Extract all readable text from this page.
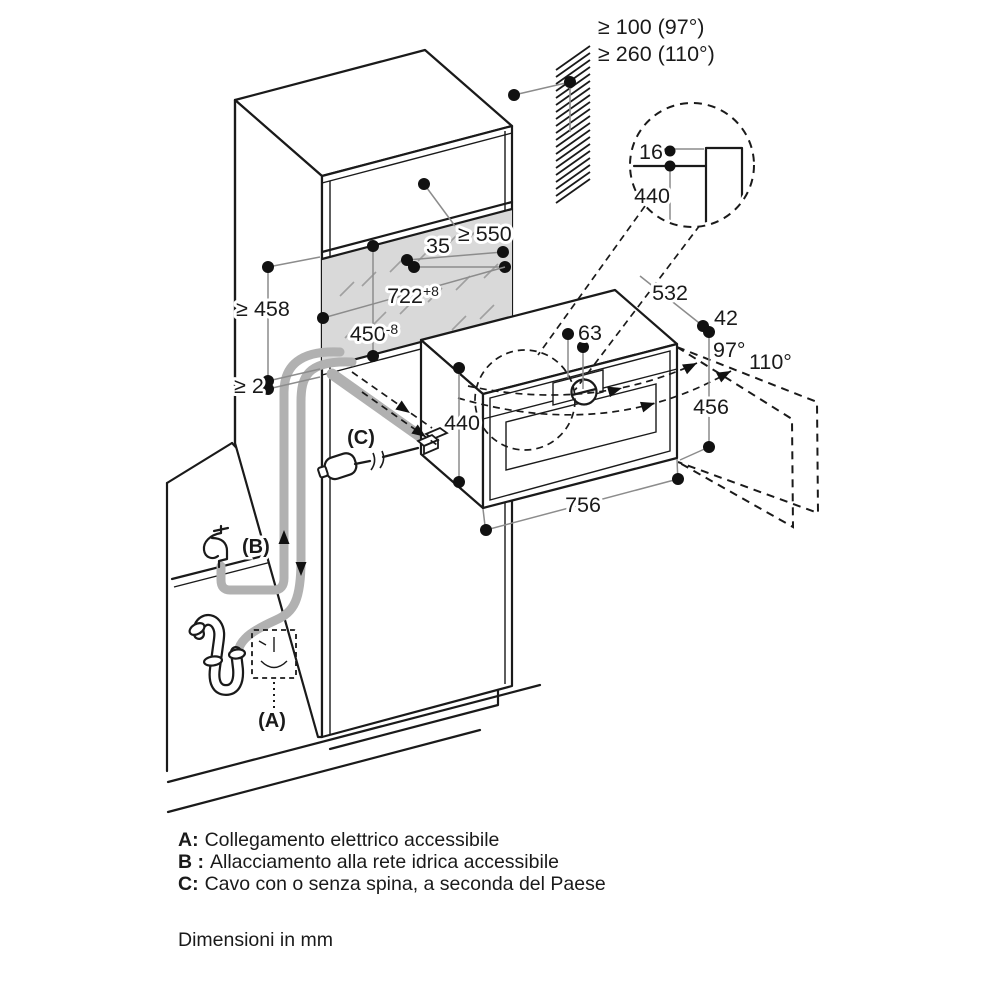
16
440
≥ 100 (97°)
≥ 260 (110°)
≥ 550
35
$722^{+8}$
$450^{-8}$
≥ 458
≥ 2
532
42
97° 110°
456
63
440
756
(B)
(C)
(A)
A: Collegamento elettrico accessibile
B : Allacciamento alla rete idrica accessibile
C: Cavo con o senza spina, a seconda del Paese
Dimensioni in mm
